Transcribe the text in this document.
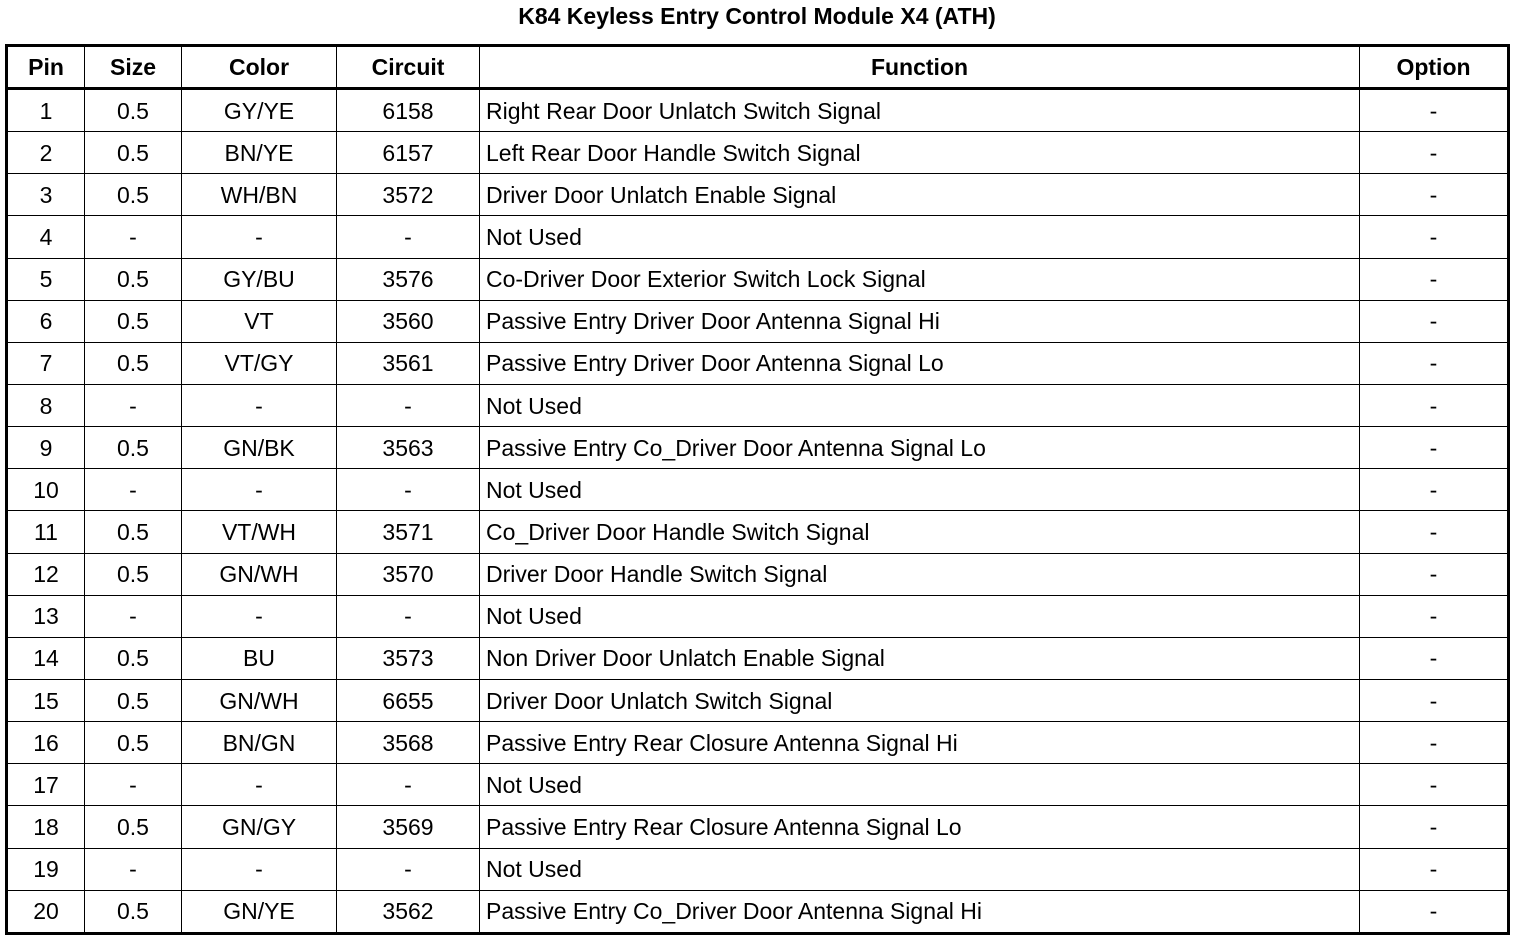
K84 Keyless Entry Control Module X4 (ATH)
Pin	Size	Color	Circuit	Function	Option
1	0.5	GY/YE	6158	Right Rear Door Unlatch Switch Signal	-
2	0.5	BN/YE	6157	Left Rear Door Handle Switch Signal	-
3	0.5	WH/BN	3572	Driver Door Unlatch Enable Signal	-
4	-	-	-	Not Used	-
5	0.5	GY/BU	3576	Co-Driver Door Exterior Switch Lock Signal	-
6	0.5	VT	3560	Passive Entry Driver Door Antenna Signal Hi	-
7	0.5	VT/GY	3561	Passive Entry Driver Door Antenna Signal Lo	-
8	-	-	-	Not Used	-
9	0.5	GN/BK	3563	Passive Entry Co_Driver Door Antenna Signal Lo	-
10	-	-	-	Not Used	-
11	0.5	VT/WH	3571	Co_Driver Door Handle Switch Signal	-
12	0.5	GN/WH	3570	Driver Door Handle Switch Signal	-
13	-	-	-	Not Used	-
14	0.5	BU	3573	Non Driver Door Unlatch Enable Signal	-
15	0.5	GN/WH	6655	Driver Door Unlatch Switch Signal	-
16	0.5	BN/GN	3568	Passive Entry Rear Closure Antenna Signal Hi	-
17	-	-	-	Not Used	-
18	0.5	GN/GY	3569	Passive Entry Rear Closure Antenna Signal Lo	-
19	-	-	-	Not Used	-
20	0.5	GN/YE	3562	Passive Entry Co_Driver Door Antenna Signal Hi	-
